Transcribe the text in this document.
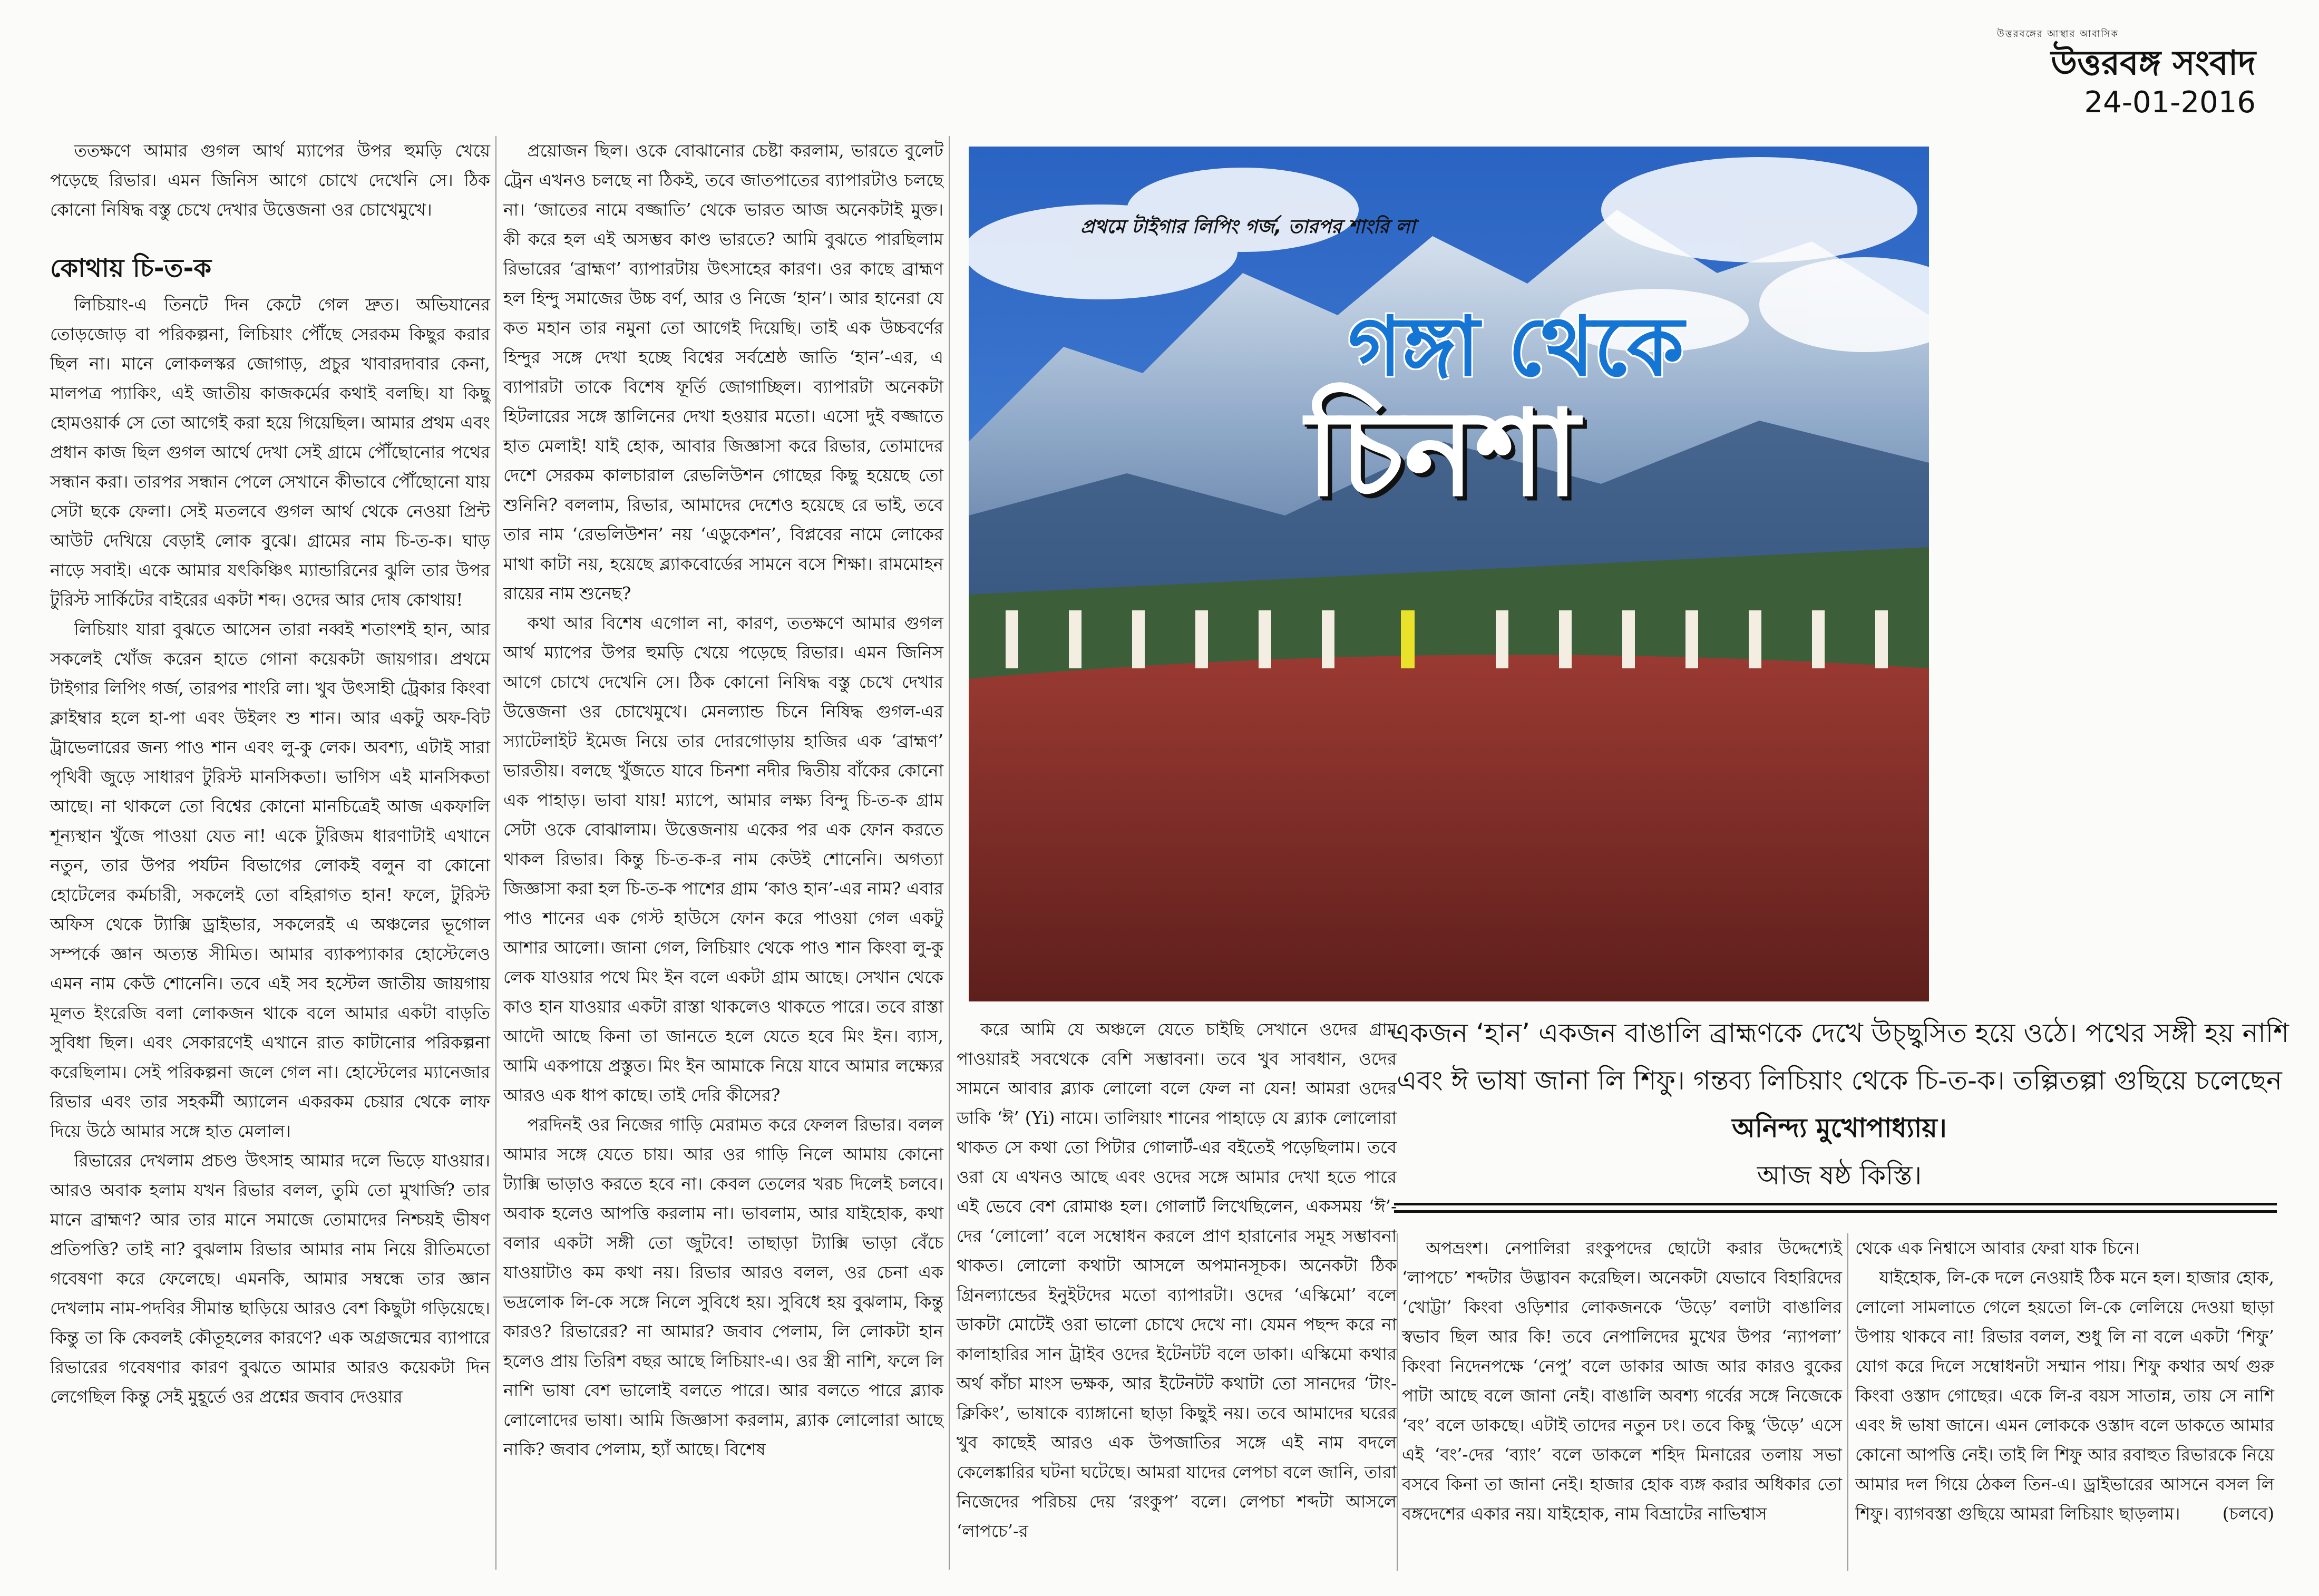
উত্তরবঙ্গের আস্থার আবাসিক
উত্তরবঙ্গ সংবাদ
24-01-2016

ততক্ষণে আমার গুগল আর্থ ম্যাপের উপর হুমড়ি খেয়ে পড়েছে রিভার। এমন জিনিস আগে চোখে দেখেনি সে। ঠিক কোনো নিষিদ্ধ বস্তু চেখে দেখার উত্তেজনা ওর চোখেমুখে।

কোথায় চি-ত-ক

লিচিয়াং-এ তিনটে দিন কেটে গেল দ্রুত। অভিযানের তোড়জোড় বা পরিকল্পনা, লিচিয়াং পৌঁছে সেরকম কিছুর করার ছিল না। মানে লোকলস্কর জোগাড়, প্রচুর খাবারদাবার কেনা, মালপত্র প্যাকিং, এই জাতীয় কাজকর্মের কথাই বলছি। যা কিছু হোমওয়ার্ক সে তো আগেই করা হয়ে গিয়েছিল। আমার প্রথম এবং প্রধান কাজ ছিল গুগল আর্থে দেখা সেই গ্রামে পৌঁছোনোর পথের সন্ধান করা। তারপর সন্ধান পেলে সেখানে কীভাবে পৌঁছোনো যায় সেটা ছকে ফেলা। সেই মতলবে গুগল আর্থ থেকে নেওয়া প্রিন্ট আউট দেখিয়ে বেড়াই লোক বুঝে। গ্রামের নাম চি-ত-ক। ঘাড় নাড়ে সবাই। একে আমার যৎকিঞ্চিৎ ম্যান্ডারিনের ঝুলি তার উপর টুরিস্ট সার্কিটের বাইরের একটা শব্দ। ওদের আর দোষ কোথায়!

লিচিয়াং যারা বুঝতে আসেন তারা নব্বই শতাংশই হান, আর সকলেই খোঁজ করেন হাতে গোনা কয়েকটা জায়গার। প্রথমে টাইগার লিপিং গর্জ, তারপর শাংরি লা। খুব উৎসাহী ট্রেকার কিংবা ক্লাইম্বার হলে হা-পা এবং উইলং শু শান। আর একটু অফ-বিট ট্রাভেলারের জন্য পাও শান এবং লু-কু লেক। অবশ্য, এটাই সারা পৃথিবী জুড়ে সাধারণ টুরিস্ট মানসিকতা। ভাগিস এই মানসিকতা আছে। না থাকলে তো বিশ্বের কোনো মানচিত্রেই আজ একফালি শূন্যস্থান খুঁজে পাওয়া যেত না! একে টুরিজম ধারণাটাই এখানে নতুন, তার উপর পর্যটন বিভাগের লোকই বলুন বা কোনো হোটেলের কর্মচারী, সকলেই তো বহিরাগত হান! ফলে, টুরিস্ট অফিস থেকে ট্যাক্সি ড্রাইভার, সকলেরই এ অঞ্চলের ভূগোল সম্পর্কে জ্ঞান অত্যন্ত সীমিত। আমার ব্যাকপ্যাকার হোস্টেলেও এমন নাম কেউ শোনেনি। তবে এই সব হস্টেল জাতীয় জায়গায় মূলত ইংরেজি বলা লোকজন থাকে বলে আমার একটা বাড়তি সুবিধা ছিল। এবং সেকারণেই এখানে রাত কাটানোর পরিকল্পনা করেছিলাম। সেই পরিকল্পনা জলে গেল না। হোস্টেলের ম্যানেজার রিভার এবং তার সহকর্মী অ্যালেন একরকম চেয়ার থেকে লাফ দিয়ে উঠে আমার সঙ্গে হাত মেলাল।

রিভারের দেখলাম প্রচণ্ড উৎসাহ আমার দলে ভিড়ে যাওয়ার। আরও অবাক হলাম যখন রিভার বলল, তুমি তো মুখার্জি? তার মানে ব্রাহ্মণ? আর তার মানে সমাজে তোমাদের নিশ্চয়ই ভীষণ প্রতিপত্তি? তাই না? বুঝলাম রিভার আমার নাম নিয়ে রীতিমতো গবেষণা করে ফেলেছে। এমনকি, আমার সম্বন্ধে তার জ্ঞান দেখলাম নাম-পদবির সীমান্ত ছাড়িয়ে আরও বেশ কিছুটা গড়িয়েছে। কিন্তু তা কি কেবলই কৌতূহলের কারণে? এক অগ্রজন্মের ব্যাপারে রিভারের গবেষণার কারণ বুঝতে আমার আরও কয়েকটা দিন লেগেছিল কিন্তু সেই মুহূর্তে ওর প্রশ্নের জবাব দেওয়ার

প্রয়োজন ছিল। ওকে বোঝানোর চেষ্টা করলাম, ভারতে বুলেট ট্রেন এখনও চলছে না ঠিকই, তবে জাতপাতের ব্যাপারটাও চলছে না। ‘জাতের নামে বজ্জাতি’ থেকে ভারত আজ অনেকটাই মুক্ত। কী করে হল এই অসম্ভব কাণ্ড ভারতে? আমি বুঝতে পারছিলাম রিভারের ‘ব্রাহ্মণ’ ব্যাপারটায় উৎসাহের কারণ। ওর কাছে ব্রাহ্মণ হল হিন্দু সমাজের উচ্চ বর্ণ, আর ও নিজে ‘হান’। আর হানেরা যে কত মহান তার নমুনা তো আগেই দিয়েছি। তাই এক উচ্চবর্ণের হিন্দুর সঙ্গে দেখা হচ্ছে বিশ্বের সর্বশ্রেষ্ঠ জাতি ‘হান’-এর, এ ব্যাপারটা তাকে বিশেষ ফূর্তি জোগাচ্ছিল। ব্যাপারটা অনেকটা হিটলারের সঙ্গে স্তালিনের দেখা হওয়ার মতো। এসো দুই বজ্জাতে হাত মেলাই! যাই হোক, আবার জিজ্ঞাসা করে রিভার, তোমাদের দেশে সেরকম কালচারাল রেভলিউশন গোছের কিছু হয়েছে তো শুনিনি? বললাম, রিভার, আমাদের দেশেও হয়েছে রে ভাই, তবে তার নাম ‘রেভলিউশন’ নয় ‘এডুকেশন’, বিপ্লবের নামে লোকের মাথা কাটা নয়, হয়েছে ব্ল্যাকবোর্ডের সামনে বসে শিক্ষা। রামমোহন রায়ের নাম শুনেছ?

কথা আর বিশেষ এগোল না, কারণ, ততক্ষণে আমার গুগল আর্থ ম্যাপের উপর হুমড়ি খেয়ে পড়েছে রিভার। এমন জিনিস আগে চোখে দেখেনি সে। ঠিক কোনো নিষিদ্ধ বস্তু চেখে দেখার উত্তেজনা ওর চোখেমুখে। মেনল্যান্ড চিনে নিষিদ্ধ গুগল-এর স্যাটেলাইট ইমেজ নিয়ে তার দোরগোড়ায় হাজির এক ‘ব্রাহ্মণ’ ভারতীয়। বলছে খুঁজতে যাবে চিনশা নদীর দ্বিতীয় বাঁকের কোনো এক পাহাড়। ভাবা যায়! ম্যাপে, আমার লক্ষ্য বিন্দু চি-ত-ক গ্রাম সেটা ওকে বোঝালাম। উত্তেজনায় একের পর এক ফোন করতে থাকল রিভার। কিন্তু চি-ত-ক-র নাম কেউই শোনেনি। অগত্যা জিজ্ঞাসা করা হল চি-ত-ক পাশের গ্রাম ‘কাও হান’-এর নাম? এবার পাও শানের এক গেস্ট হাউসে ফোন করে পাওয়া গেল একটু আশার আলো। জানা গেল, লিচিয়াং থেকে পাও শান কিংবা লু-কু লেক যাওয়ার পথে মিং ইন বলে একটা গ্রাম আছে। সেখান থেকে কাও হান যাওয়ার একটা রাস্তা থাকলেও থাকতে পারে। তবে রাস্তা আদৌ আছে কিনা তা জানতে হলে যেতে হবে মিং ইন। ব্যাস, আমি একপায়ে প্রস্তুত। মিং ইন আমাকে নিয়ে যাবে আমার লক্ষ্যের আরও এক ধাপ কাছে। তাই দেরি কীসের?

পরদিনই ওর নিজের গাড়ি মেরামত করে ফেলল রিভার। বলল আমার সঙ্গে যেতে চায়। আর ওর গাড়ি নিলে আমায় কোনো ট্যাক্সি ভাড়াও করতে হবে না। কেবল তেলের খরচ দিলেই চলবে। অবাক হলেও আপত্তি করলাম না। ভাবলাম, আর যাইহোক, কথা বলার একটা সঙ্গী তো জুটবে! তাছাড়া ট্যাক্সি ভাড়া বেঁচে যাওয়াটাও কম কথা নয়। রিভার আরও বলল, ওর চেনা এক ভদ্রলোক লি-কে সঙ্গে নিলে সুবিধে হয়। সুবিধে হয় বুঝলাম, কিন্তু কারও? রিভারের? না আমার? জবাব পেলাম, লি লোকটা হান হলেও প্রায় তিরিশ বছর আছে লিচিয়াং-এ। ওর স্ত্রী নাশি, ফলে লি নাশি ভাষা বেশ ভালোই বলতে পারে। আর বলতে পারে ব্ল্যাক লোলোদের ভাষা। আমি জিজ্ঞাসা করলাম, ব্ল্যাক লোলোরা আছে নাকি? জবাব পেলাম, হ্যাঁ আছে। বিশেষ

প্রথমে টাইগার লিপিং গর্জ, তারপর শাংরি লা
গঙ্গা থেকে
চিনশা

করে আমি যে অঞ্চলে যেতে চাইছি সেখানে ওদের গ্রাম পাওয়ারই সবথেকে বেশি সম্ভাবনা। তবে খুব সাবধান, ওদের সামনে আবার ব্ল্যাক লোলো বলে ফেল না যেন! আমরা ওদের ডাকি ‘ঈ’ (Yi) নামে। তালিয়াং শানের পাহাড়ে যে ব্ল্যাক লোলোরা থাকত সে কথা তো পিটার গোলার্ট-এর বইতেই পড়েছিলাম। তবে ওরা যে এখনও আছে এবং ওদের সঙ্গে আমার দেখা হতে পারে এই ভেবে বেশ রোমাঞ্চ হল। গোলার্ট লিখেছিলেন, একসময় ‘ঈ’-দের ‘লোলো’ বলে সম্বোধন করলে প্রাণ হারানোর সমূহ সম্ভাবনা থাকত। লোলো কথাটা আসলে অপমানসূচক। অনেকটা ঠিক গ্রিনল্যান্ডের ইনুইটদের মতো ব্যাপারটা। ওদের ‘এস্কিমো’ বলে ডাকটা মোটেই ওরা ভালো চোখে দেখে না। যেমন পছন্দ করে না কালাহারির সান ট্রাইব ওদের ইটেনটট বলে ডাকা। এস্কিমো কথার অর্থ কাঁচা মাংস ভক্ষক, আর ইটেনটট কথাটা তো সানদের ‘টাং-ক্লিকিং’, ভাষাকে ব্যাঙ্গানো ছাড়া কিছুই নয়। তবে আমাদের ঘরের খুব কাছেই আরও এক উপজাতির সঙ্গে এই নাম বদলে কেলেঙ্কারির ঘটনা ঘটেছে। আমরা যাদের লেপচা বলে জানি, তারা নিজেদের পরিচয় দেয় ‘রংকুপ’ বলে। লেপচা শব্দটা আসলে ‘লাপচে’-র

একজন ‘হান’ একজন বাঙালি ব্রাহ্মণকে দেখে উচ্ছ্বসিত হয়ে ওঠে। পথের সঙ্গী হয় নাশি এবং ঈ ভাষা জানা লি শিফু। গন্তব্য লিচিয়াং থেকে চি-ত-ক। তল্পিতল্পা গুছিয়ে চলেছেন অনিন্দ্য মুখোপাধ্যায়।
আজ ষষ্ঠ কিস্তি।

অপভ্রংশ। নেপালিরা রংকুপদের ছোটো করার উদ্দেশ্যেই ‘লাপচে’ শব্দটার উদ্ভাবন করেছিল। অনেকটা যেভাবে বিহারিদের ‘খোট্টা’ কিংবা ওড়িশার লোকজনকে ‘উড়ে’ বলাটা বাঙালির স্বভাব ছিল আর কি! তবে নেপালিদের মুখের উপর ‘ন্যাপলা’ কিংবা নিদেনপক্ষে ‘নেপু’ বলে ডাকার আজ আর কারও বুকের পাটা আছে বলে জানা নেই। বাঙালি অবশ্য গর্বের সঙ্গে নিজেকে ‘বং’ বলে ডাকছে। এটাই তাদের নতুন ঢং। তবে কিছু ‘উড়ে’ এসে এই ‘বং’-দের ‘ব্যাং’ বলে ডাকলে শহিদ মিনারের তলায় সভা বসবে কিনা তা জানা নেই। হাজার হোক ব্যঙ্গ করার অধিকার তো বঙ্গদেশের একার নয়। যাইহোক, নাম বিভ্রাটের নাভিশ্বাস

থেকে এক নিশ্বাসে আবার ফেরা যাক চিনে।

যাইহোক, লি-কে দলে নেওয়াই ঠিক মনে হল। হাজার হোক, লোলো সামলাতে গেলে হয়তো লি-কে লেলিয়ে দেওয়া ছাড়া উপায় থাকবে না! রিভার বলল, শুধু লি না বলে একটা ‘শিফু’ যোগ করে দিলে সম্বোধনটা সম্মান পায়। শিফু কথার অর্থ গুরু কিংবা ওস্তাদ গোছের। একে লি-র বয়স সাতান্ন, তায় সে নাশি এবং ঈ ভাষা জানে। এমন লোককে ওস্তাদ বলে ডাকতে আমার কোনো আপত্তি নেই। তাই লি শিফু আর রবাহুত রিভারকে নিয়ে আমার দল গিয়ে ঠেকল তিন-এ। ড্রাইভারের আসনে বসল লি শিফু। ব্যাগবস্তা গুছিয়ে আমরা লিচিয়াং ছাড়লাম। (চলবে)
